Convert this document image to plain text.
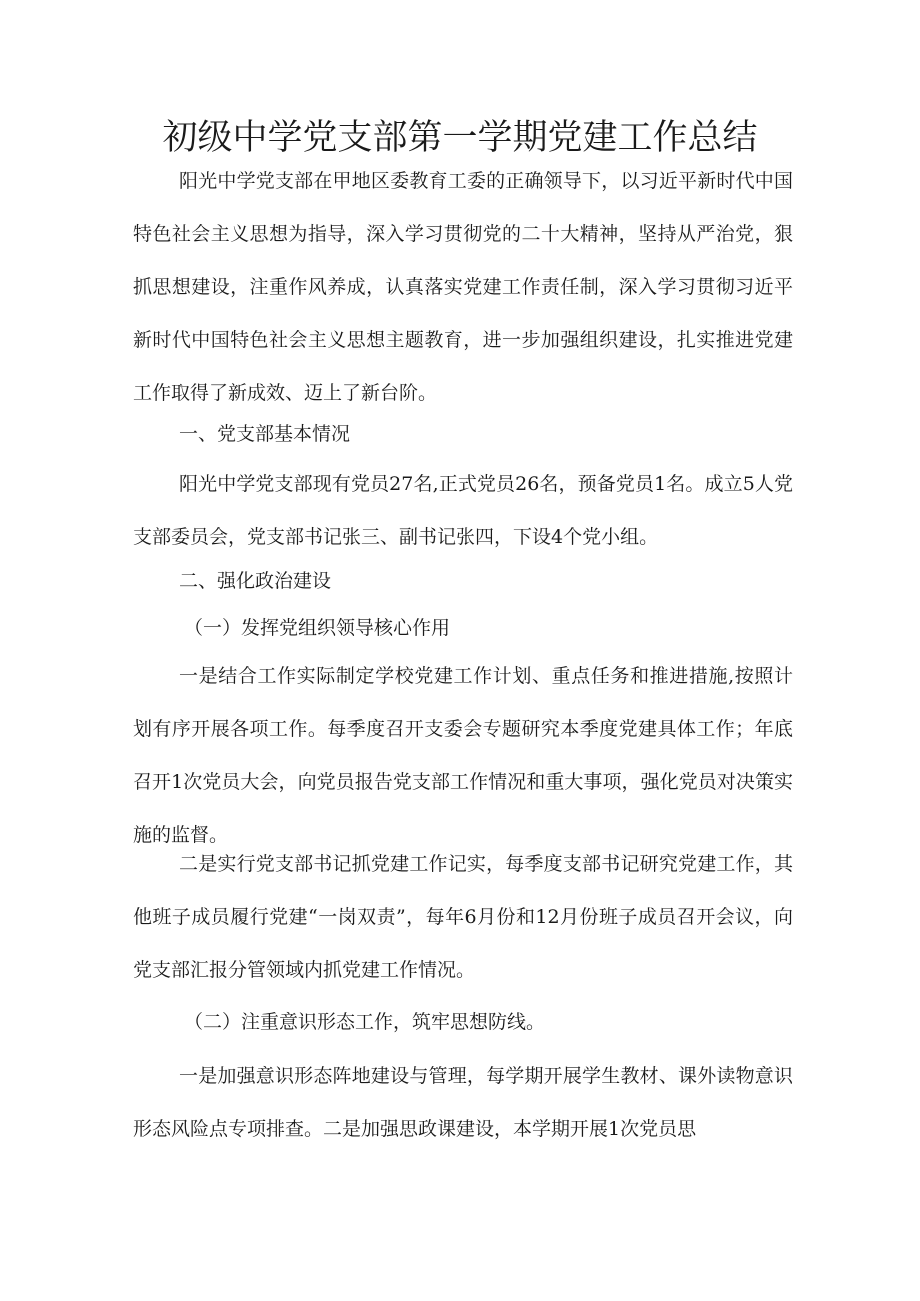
初级中学党支部第一学期党建工作总结

阳光中学党支部在甲地区委教育工委的正确领导下，以习近平新时代中国特色社会主义思想为指导，深入学习贯彻党的二十大精神，坚持从严治党，狠抓思想建设，注重作风养成，认真落实党建工作责任制，深入学习贯彻习近平新时代中国特色社会主义思想主题教育，进一步加强组织建设，扎实推进党建工作取得了新成效、迈上了新台阶。

一、党支部基本情况

阳光中学党支部现有党员27名,正式党员26名，预备党员1名。成立5人党支部委员会，党支部书记张三、副书记张四，下设4个党小组。

二、强化政治建设

（一）发挥党组织领导核心作用

一是结合工作实际制定学校党建工作计划、重点任务和推进措施,按照计划有序开展各项工作。每季度召开支委会专题研究本季度党建具体工作；年底召开1次党员大会，向党员报告党支部工作情况和重大事项，强化党员对决策实施的监督。

二是实行党支部书记抓党建工作记实，每季度支部书记研究党建工作，其他班子成员履行党建“一岗双责”，每年6月份和12月份班子成员召开会议，向党支部汇报分管领域内抓党建工作情况。

（二）注重意识形态工作，筑牢思想防线。

一是加强意识形态阵地建设与管理，每学期开展学生教材、课外读物意识形态风险点专项排查。二是加强思政课建设，本学期开展1次党员思
